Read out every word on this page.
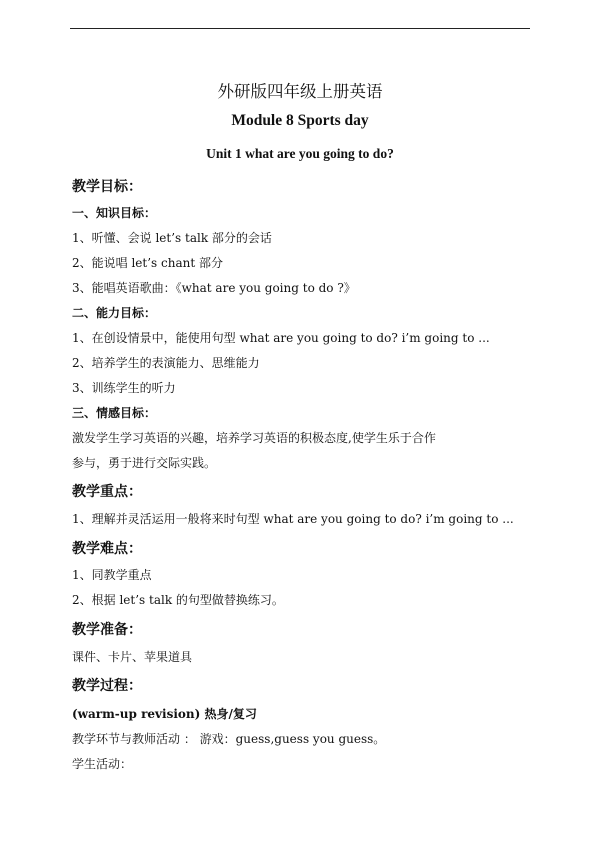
外研版四年级上册英语
Module 8 Sports day
Unit 1 what are you going to do?
教学目标：
一、知识目标：
1、听懂、会说 let’s talk 部分的会话
2、能说唱 let’s chant 部分
3、能唱英语歌曲：《what are you going to do ?》
二、能力目标：
1、在创设情景中，能使用句型 what are you going to do? i’m going to ...
2、培养学生的表演能力、思维能力
3、训练学生的听力
三、情感目标：
激发学生学习英语的兴趣，培养学习英语的积极态度,使学生乐于合作
参与，勇于进行交际实践。
教学重点：
1、理解并灵活运用一般将来时句型 what are you going to do? i’m going to ...
教学难点：
1、同教学重点
2、根据 let’s talk 的句型做替换练习。
教学准备：
课件、卡片、苹果道具
教学过程：
(warm-up revision) 热身/复习
教学环节与教师活动 ： 游戏：guess,guess you guess。
学生活动：
